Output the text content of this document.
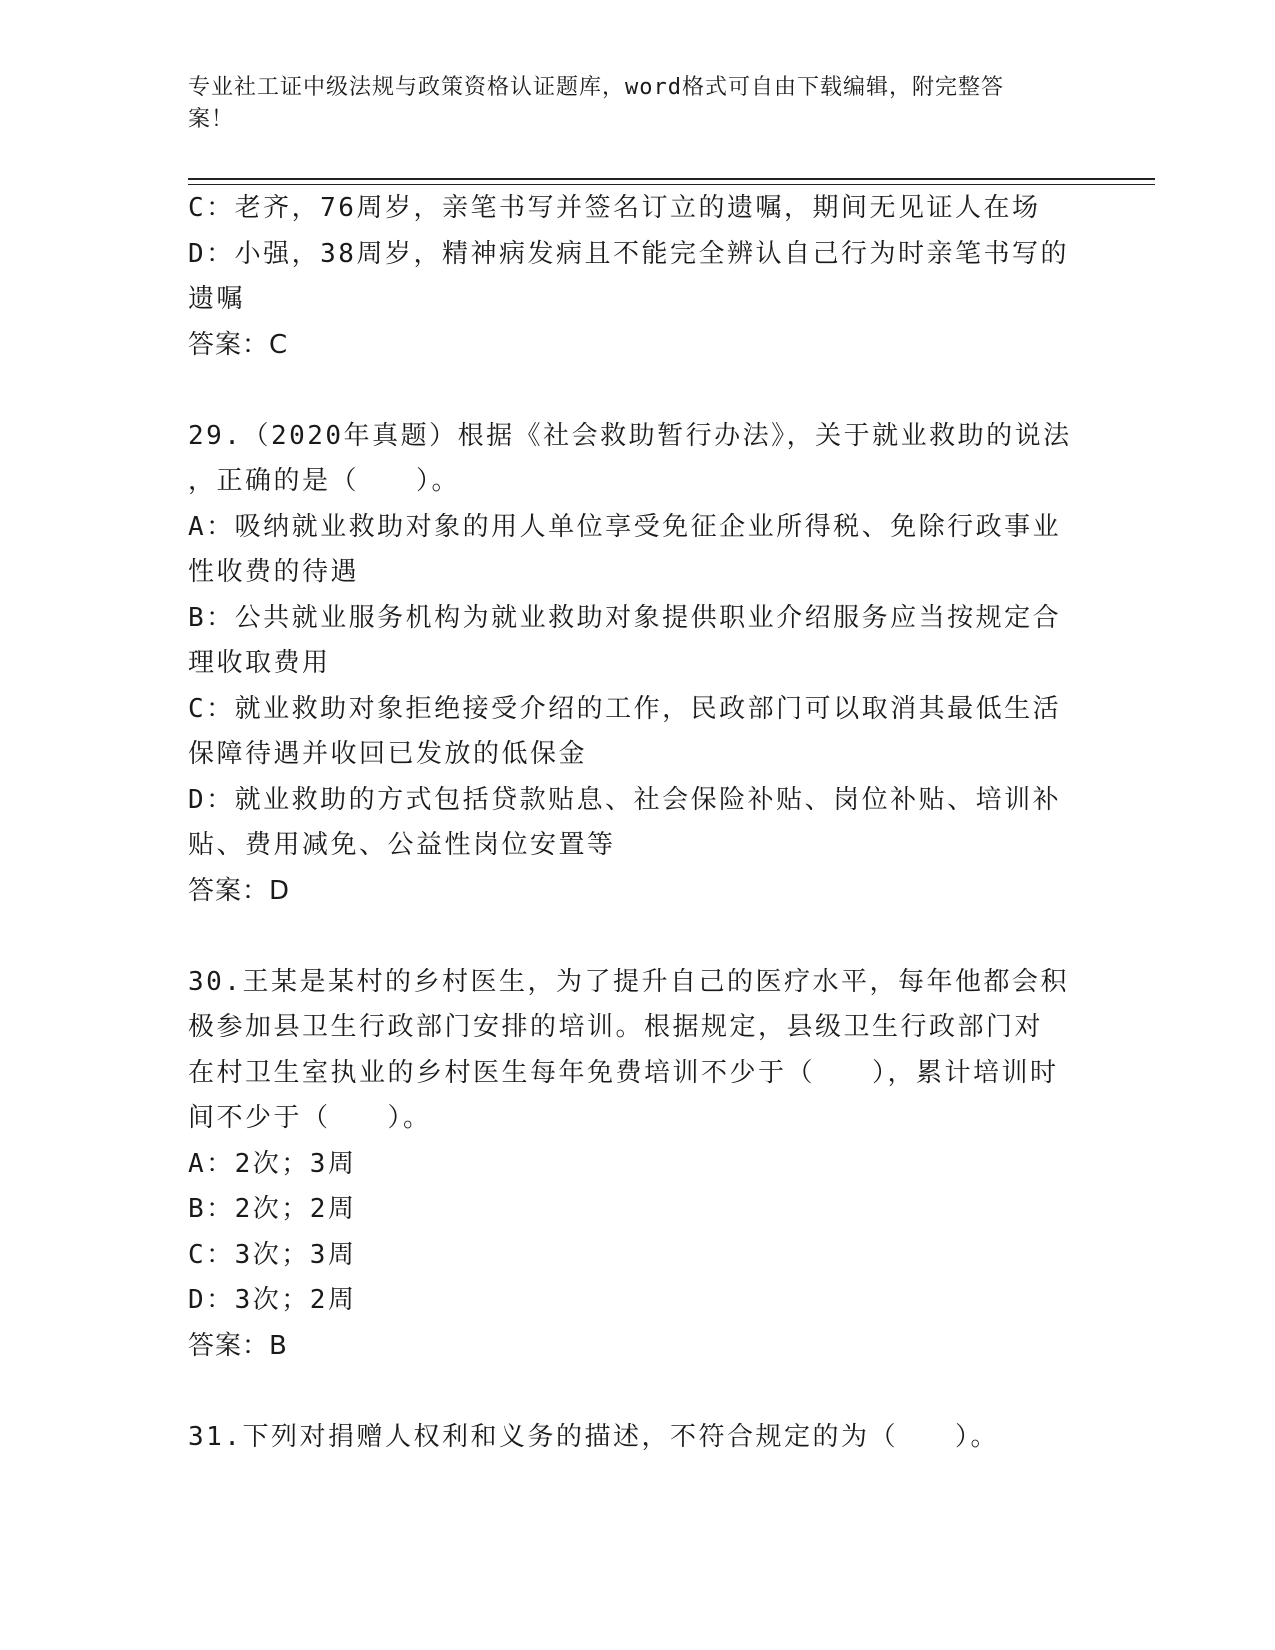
专业社工证中级法规与政策资格认证题库，word格式可自由下载编辑，附完整答
案！
C：老齐，76周岁，亲笔书写并签名订立的遗嘱，期间无见证人在场
D：小强，38周岁，精神病发病且不能完全辨认自己行为时亲笔书写的
遗嘱
答案：C
29.（2020年真题）根据《社会救助暂行办法》，关于就业救助的说法
，正确的是（　　）。
A：吸纳就业救助对象的用人单位享受免征企业所得税、免除行政事业
性收费的待遇
B：公共就业服务机构为就业救助对象提供职业介绍服务应当按规定合
理收取费用
C：就业救助对象拒绝接受介绍的工作，民政部门可以取消其最低生活
保障待遇并收回已发放的低保金
D：就业救助的方式包括贷款贴息、社会保险补贴、岗位补贴、培训补
贴、费用减免、公益性岗位安置等
答案：D
30.王某是某村的乡村医生，为了提升自己的医疗水平，每年他都会积
极参加县卫生行政部门安排的培训。根据规定，县级卫生行政部门对
在村卫生室执业的乡村医生每年免费培训不少于（　　），累计培训时
间不少于（　　）。
A：2次；3周
B：2次；2周
C：3次；3周
D：3次；2周
答案：B
31.下列对捐赠人权利和义务的描述，不符合规定的为（　　）。
